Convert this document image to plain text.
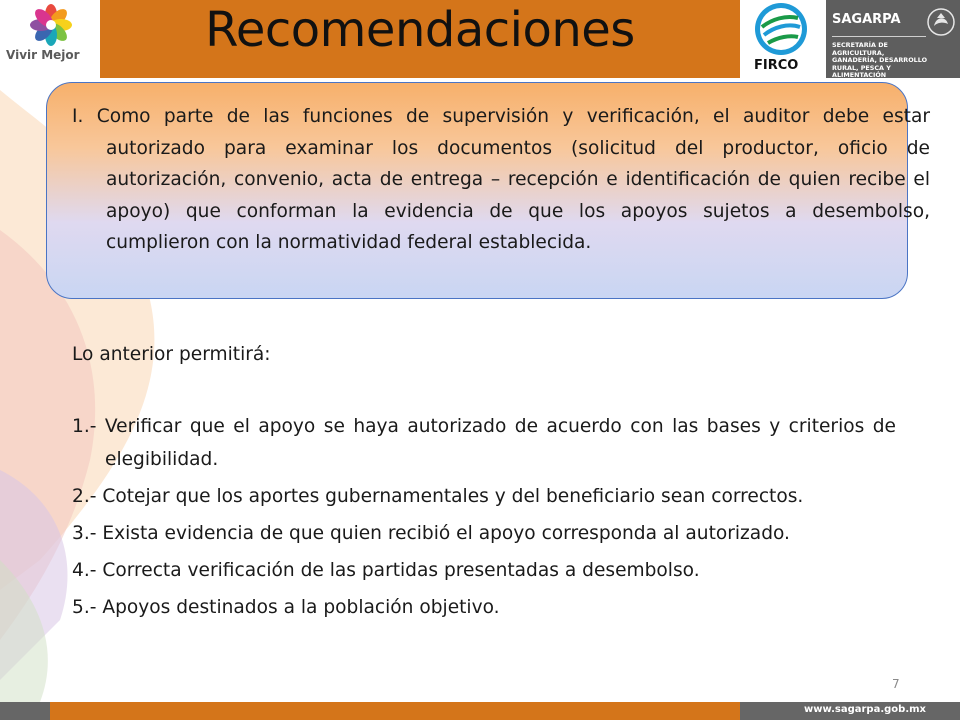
Vivir Mejor	Recomendaciones
FIRCO
SAGARPA
SECRETARÍA DE AGRICULTURA, GANADERÍA, DESARROLLO RURAL, PESCA Y ALIMENTACIÓN
I. Como parte de las funciones de supervisión y verificación, el auditor debe estar autorizado para examinar los documentos (solicitud del productor, oficio de autorización, convenio, acta de entrega – recepción e identificación de quien recibe el apoyo) que conforman la evidencia de que los apoyos sujetos a desembolso, cumplieron con la normatividad federal establecida.
Lo anterior permitirá:
1.- Verificar que el apoyo se haya autorizado de acuerdo con las bases y criterios de elegibilidad.
2.- Cotejar que los aportes gubernamentales y del beneficiario sean correctos.
3.- Exista evidencia de que quien recibió el apoyo corresponda al autorizado.
4.- Correcta verificación de las partidas presentadas a desembolso.
5.- Apoyos destinados a la población objetivo.
7
www.sagarpa.gob.mx
